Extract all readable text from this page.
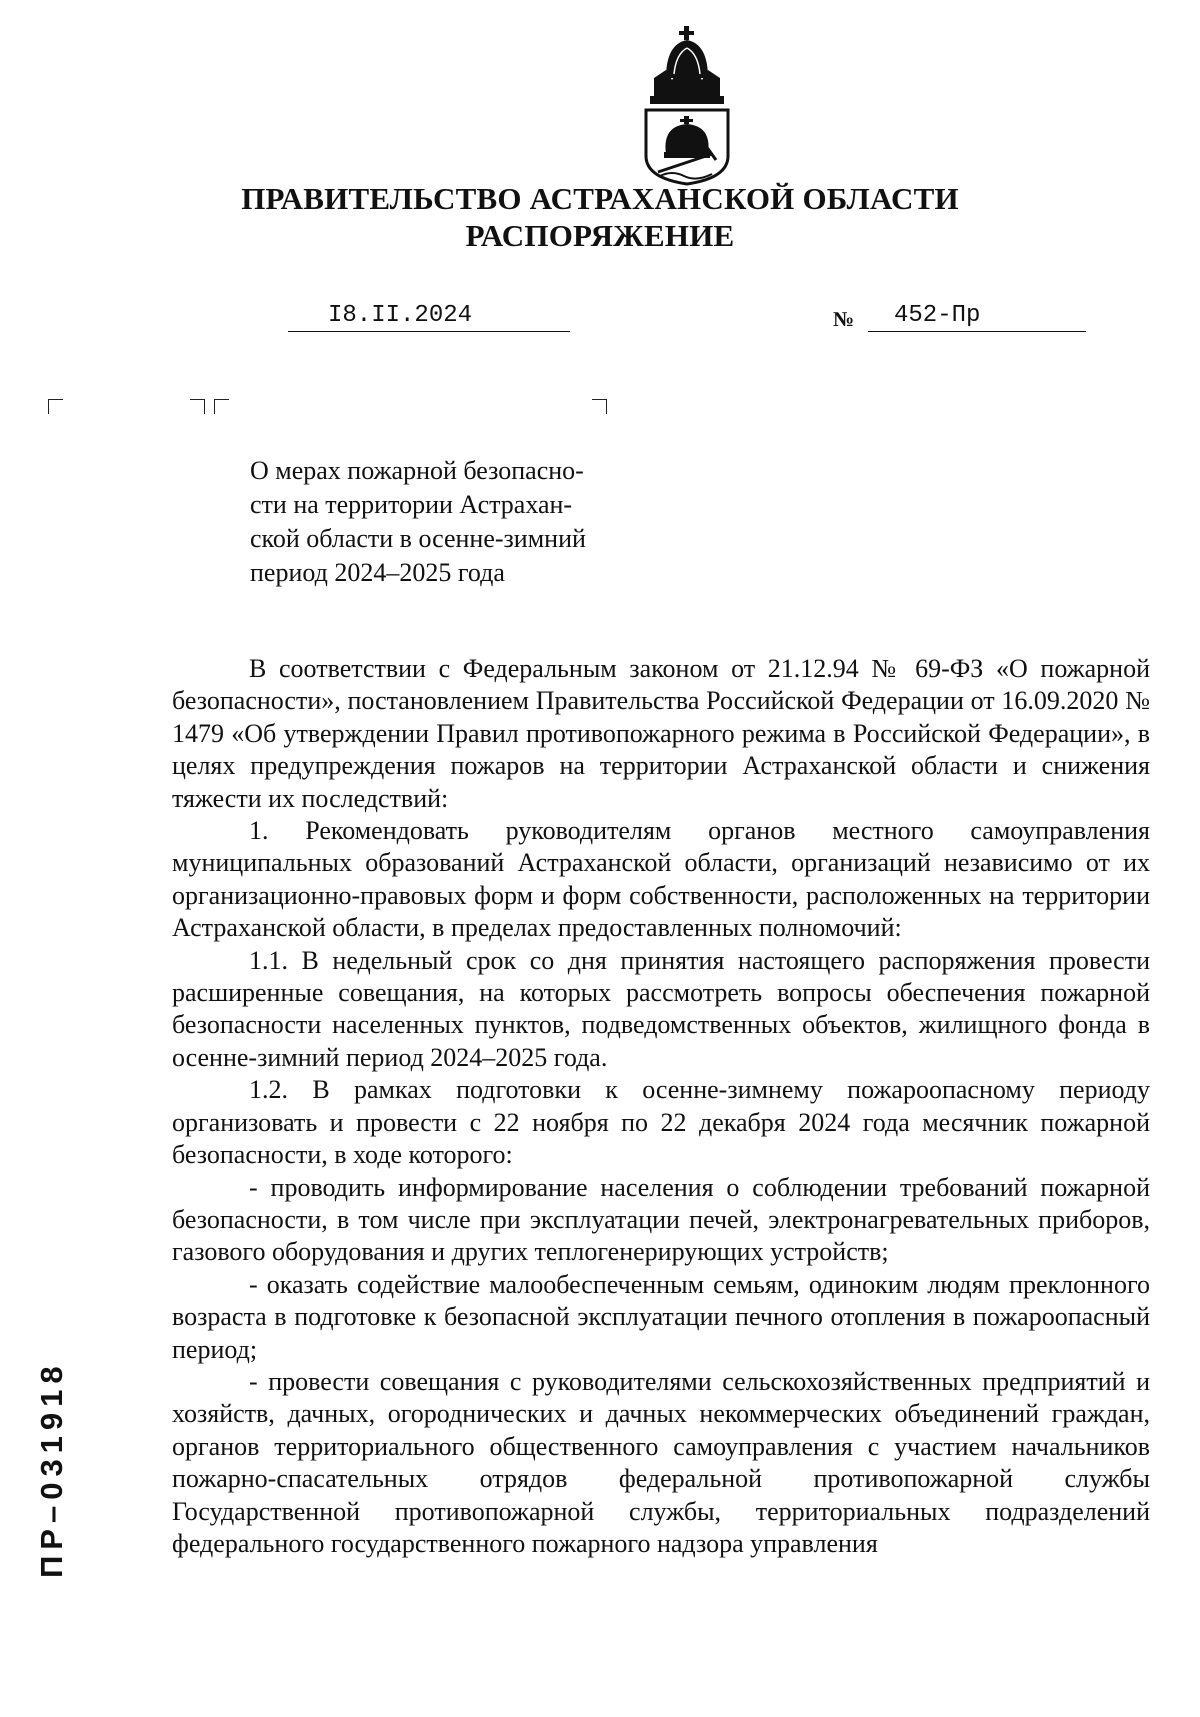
ПРАВИТЕЛЬСТВО АСТРАХАНСКОЙ ОБЛАСТИ
РАСПОРЯЖЕНИЕ
I8.II.2024	№ 452-Пр
О мерах пожарной безопасно-
сти на территории Астрахан-
ской области в осенне-зимний
период 2024–2025 года

В соответствии с Федеральным законом от 21.12.94 № 69-ФЗ «О пожарной безопасности», постановлением Правительства Российской Федерации от 16.09.2020 № 1479 «Об утверждении Правил противопожарного режима в Российской Федерации», в целях предупреждения пожаров на территории Астраханской области и снижения тяжести их последствий:

1. Рекомендовать руководителям органов местного самоуправления муниципальных образований Астраханской области, организаций независимо от их организационно-правовых форм и форм собственности, расположенных на территории Астраханской области, в пределах предоставленных полномочий:

1.1. В недельный срок со дня принятия настоящего распоряжения провести расширенные совещания, на которых рассмотреть вопросы обеспечения пожарной безопасности населенных пунктов, подведомственных объектов, жилищного фонда в осенне-зимний период 2024–2025 года.

1.2. В рамках подготовки к осенне-зимнему пожароопасному периоду организовать и провести с 22 ноября по 22 декабря 2024 года месячник пожарной безопасности, в ходе которого:

- проводить информирование населения о соблюдении требований пожарной безопасности, в том числе при эксплуатации печей, электронагревательных приборов, газового оборудования и других теплогенерирующих устройств;

- оказать содействие малообеспеченным семьям, одиноким людям преклонного возраста в подготовке к безопасной эксплуатации печного отопления в пожароопасный период;

- провести совещания с руководителями сельскохозяйственных предприятий и хозяйств, дачных, огороднических и дачных некоммерческих объединений граждан, органов территориального общественного самоуправления с участием начальников пожарно-спасательных отрядов федеральной противопожарной службы Государственной противопожарной службы, территориальных подразделений федерального государственного пожарного надзора управления

ПР–031918
